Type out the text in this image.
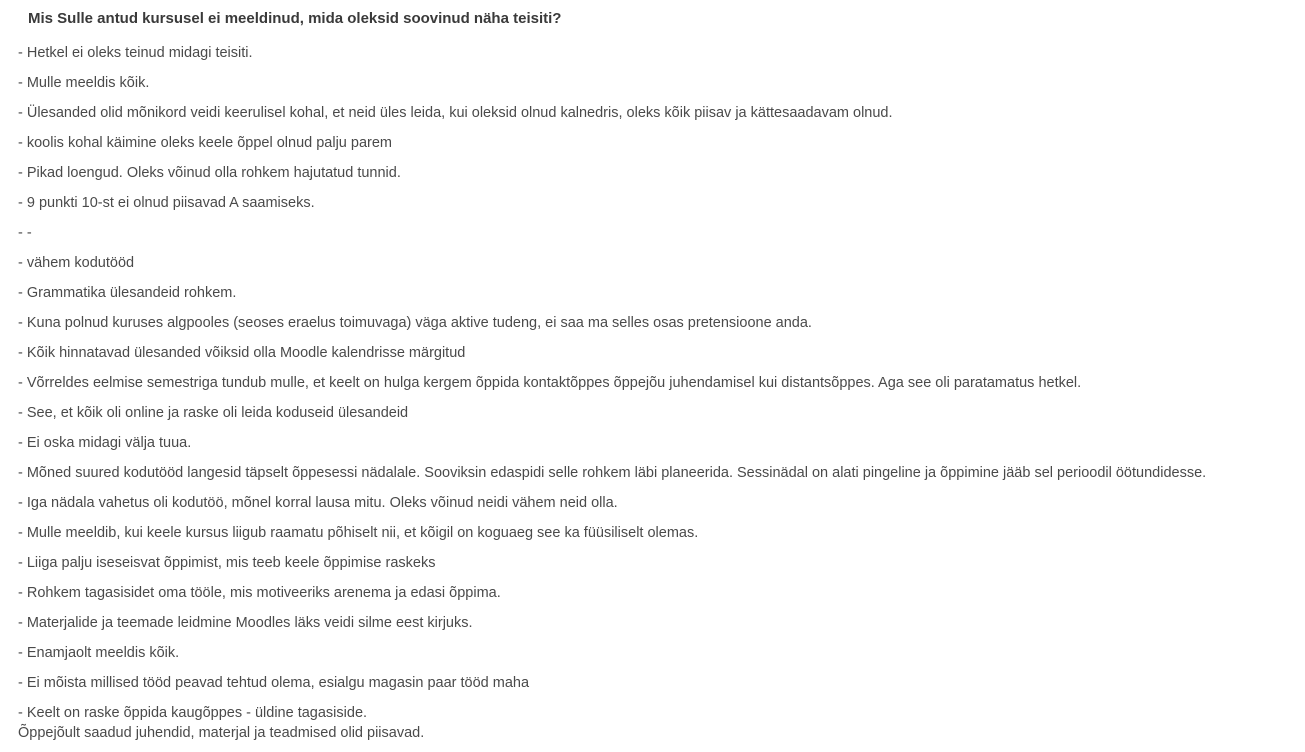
Mis Sulle antud kursusel ei meeldinud, mida oleksid soovinud näha teisiti?
- Hetkel ei oleks teinud midagi teisiti.
- Mulle meeldis kõik.
- Ülesanded olid mõnikord veidi keerulisel kohal, et neid üles leida, kui oleksid olnud kalnedris, oleks kõik piisav ja kättesaadavam olnud.
- koolis kohal käimine oleks keele õppel olnud palju parem
- Pikad loengud. Oleks võinud olla rohkem hajutatud tunnid.
- 9 punkti 10-st ei olnud piisavad A saamiseks.
- -
- vähem kodutööd
- Grammatika ülesandeid rohkem.
- Kuna polnud kuruses algpooles (seoses eraelus toimuvaga) väga aktive tudeng, ei saa ma selles osas pretensioone anda.
- Kõik hinnatavad ülesanded võiksid olla Moodle kalendrisse märgitud
- Võrreldes eelmise semestriga tundub mulle, et keelt on hulga kergem õppida kontaktõppes õppejõu juhendamisel kui distantsõppes. Aga see oli paratamatus hetkel.
- See, et kõik oli online ja raske oli leida koduseid ülesandeid
- Ei oska midagi välja tuua.
- Mõned suured kodutööd langesid täpselt õppesessi nädalale. Sooviksin edaspidi selle rohkem läbi planeerida. Sessinädal on alati pingeline ja õppimine jääb sel perioodil öötundidesse.
- Iga nädala vahetus oli kodutöö, mõnel korral lausa mitu. Oleks võinud neidi vähem neid olla.
- Mulle meeldib, kui keele kursus liigub raamatu põhiselt nii, et kõigil on koguaeg see ka füüsiliselt olemas.
- Liiga palju iseseisvat õppimist, mis teeb keele õppimise raskeks
- Rohkem tagasisidet oma tööle, mis motiveeriks arenema ja edasi õppima.
- Materjalide ja teemade leidmine Moodles läks veidi silme eest kirjuks.
- Enamjaolt meeldis kõik.
- Ei mõista millised tööd peavad tehtud olema, esialgu magasin paar tööd maha
- Keelt on raske õppida kaugõppes - üldine tagasiside.
Õppejõult saadud juhendid, materjal ja teadmised olid piisavad.
